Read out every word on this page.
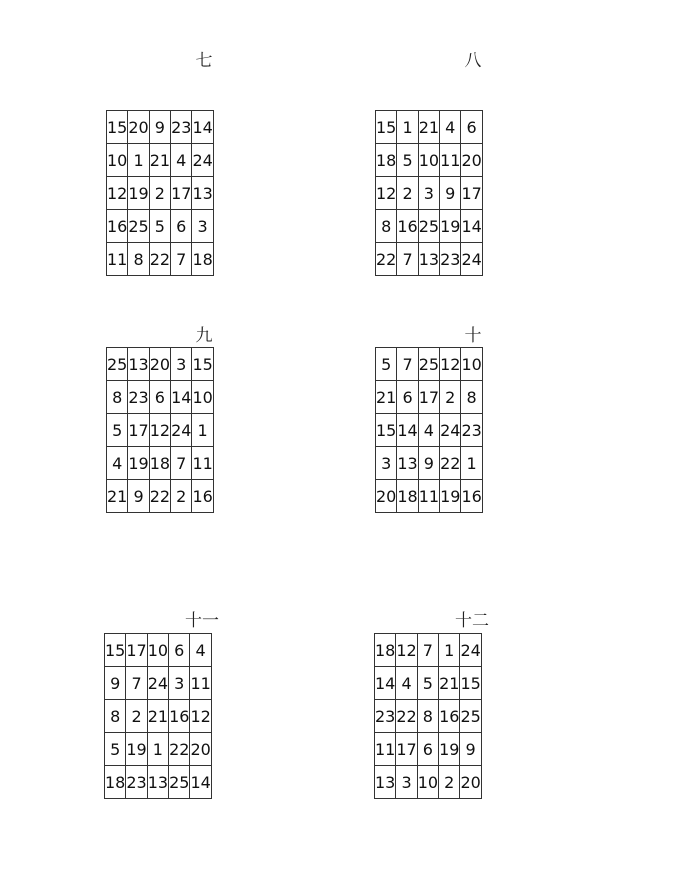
七
15	20	9	23	14
10	1	21	4	24
12	19	2	17	13
16	25	5	6	3
11	8	22	7	18
八
15	1	21	4	6
18	5	10	11	20
12	2	3	9	17
8	16	25	19	14
22	7	13	23	24
九
25	13	20	3	15
8	23	6	14	10
5	17	12	24	1
4	19	18	7	11
21	9	22	2	16
十
5	7	25	12	10
21	6	17	2	8
15	14	4	24	23
3	13	9	22	1
20	18	11	19	16
十一
15	17	10	6	4
9	7	24	3	11
8	2	21	16	12
5	19	1	22	20
18	23	13	25	14
十二
18	12	7	1	24
14	4	5	21	15
23	22	8	16	25
11	17	6	19	9
13	3	10	2	20
